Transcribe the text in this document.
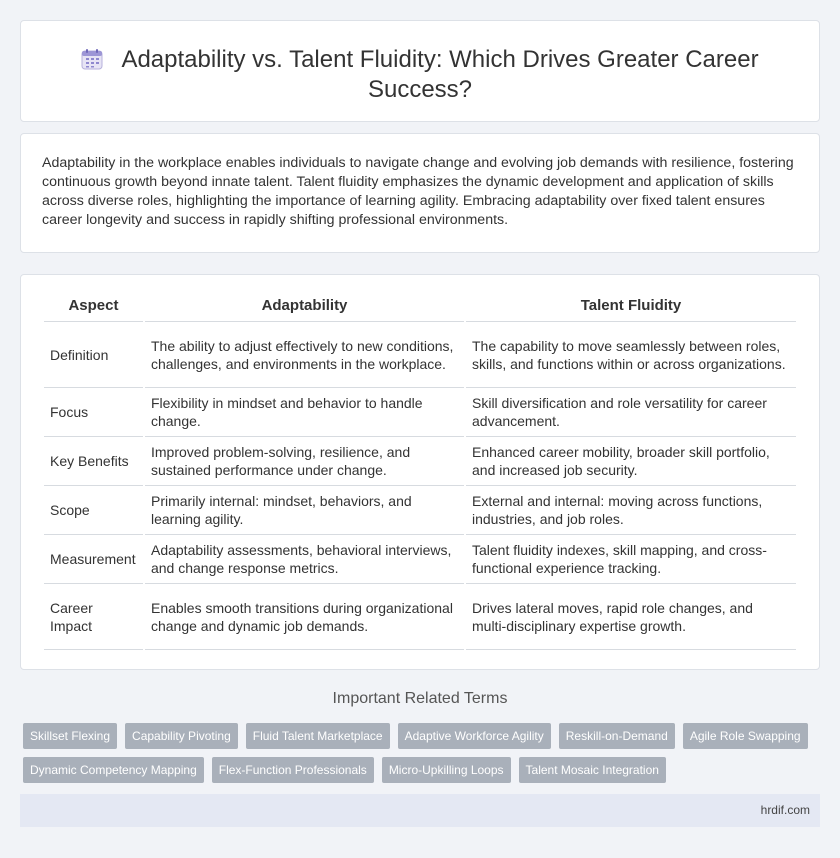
Adaptability vs. Talent Fluidity: Which Drives Greater Career Success?
Adaptability in the workplace enables individuals to navigate change and evolving job demands with resilience, fostering continuous growth beyond innate talent. Talent fluidity emphasizes the dynamic development and application of skills across diverse roles, highlighting the importance of learning agility. Embracing adaptability over fixed talent ensures career longevity and success in rapidly shifting professional environments.
Aspect	Adaptability	Talent Fluidity
Definition	The ability to adjust effectively to new conditions, challenges, and environments in the workplace.	The capability to move seamlessly between roles, skills, and functions within or across organizations.
Focus	Flexibility in mindset and behavior to handle change.	Skill diversification and role versatility for career advancement.
Key Benefits	Improved problem-solving, resilience, and sustained performance under change.	Enhanced career mobility, broader skill portfolio, and increased job security.
Scope	Primarily internal: mindset, behaviors, and learning agility.	External and internal: moving across functions, industries, and job roles.
Measurement	Adaptability assessments, behavioral interviews, and change response metrics.	Talent fluidity indexes, skill mapping, and cross-functional experience tracking.
Career Impact	Enables smooth transitions during organizational change and dynamic job demands.	Drives lateral moves, rapid role changes, and multi-disciplinary expertise growth.
Important Related Terms
Skillset Flexing	Capability Pivoting	Fluid Talent Marketplace	Adaptive Workforce Agility	Reskill-on-Demand	Agile Role Swapping
Dynamic Competency Mapping	Flex-Function Professionals	Micro-Upkilling Loops	Talent Mosaic Integration
hrdif.com
